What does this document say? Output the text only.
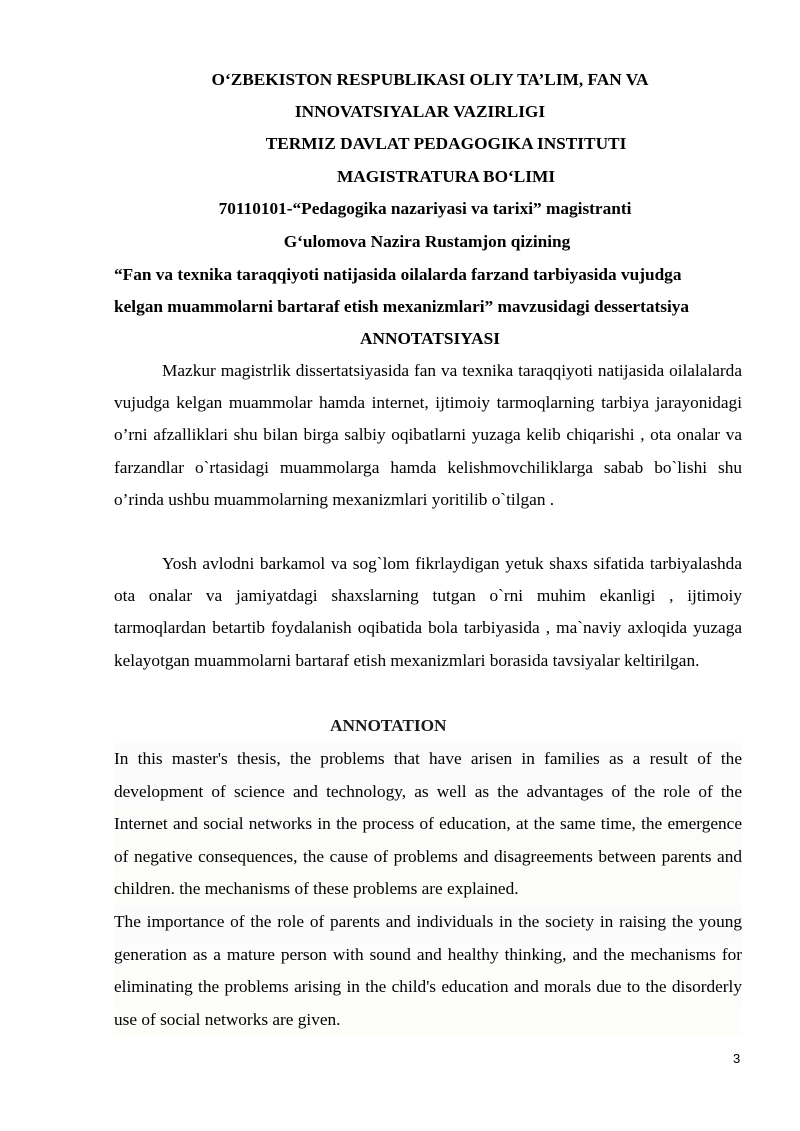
O‘ZBEKISTON RESPUBLIKASI OLIY TA’LIM, FAN VA
INNOVATSIYALAR VAZIRLIGI
TERMIZ DAVLAT PEDAGOGIKA INSTITUTI
MAGISTRATURA BO‘LIMI
70110101-“Pedagogika nazariyasi va tarixi” magistranti
G‘ulomova Nazira Rustamjon qizining
“Fan va texnika taraqqiyoti natijasida oilalarda farzand tarbiyasida vujudga
kelgan muammolarni bartaraf etish mexanizmlari” mavzusidagi dessertatsiya
ANNOTATSIYASI
Mazkur magistrlik dissertatsiyasida fan va texnika taraqqiyoti natijasida oilalalarda vujudga kelgan muammolar hamda internet, ijtimoiy tarmoqlarning tarbiya jarayonidagi o’rni afzalliklari shu bilan birga salbiy oqibatlarni yuzaga kelib chiqarishi , ota onalar va farzandlar o`rtasidagi muammolarga hamda kelishmovchiliklarga sabab bo`lishi shu o’rinda ushbu muammolarning mexanizmlari yoritilib o`tilgan .
Yosh avlodni barkamol va sog`lom fikrlaydigan yetuk shaxs sifatida tarbiyalashda ota onalar va jamiyatdagi shaxslarning tutgan o`rni muhim ekanligi , ijtimoiy tarmoqlardan betartib foydalanish oqibatida bola tarbiyasida , ma`naviy axloqida yuzaga kelayotgan muammolarni bartaraf etish mexanizmlari borasida tavsiyalar keltirilgan.
ANNOTATION
In this master's thesis, the problems that have arisen in families as a result of the development of science and technology, as well as the advantages of the role of the Internet and social networks in the process of education, at the same time, the emergence of negative consequences, the cause of problems and disagreements between parents and children. the mechanisms of these problems are explained.
The importance of the role of parents and individuals in the society in raising the young generation as a mature person with sound and healthy thinking, and the mechanisms for eliminating the problems arising in the child's education and morals due to the disorderly use of social networks are given.
3
